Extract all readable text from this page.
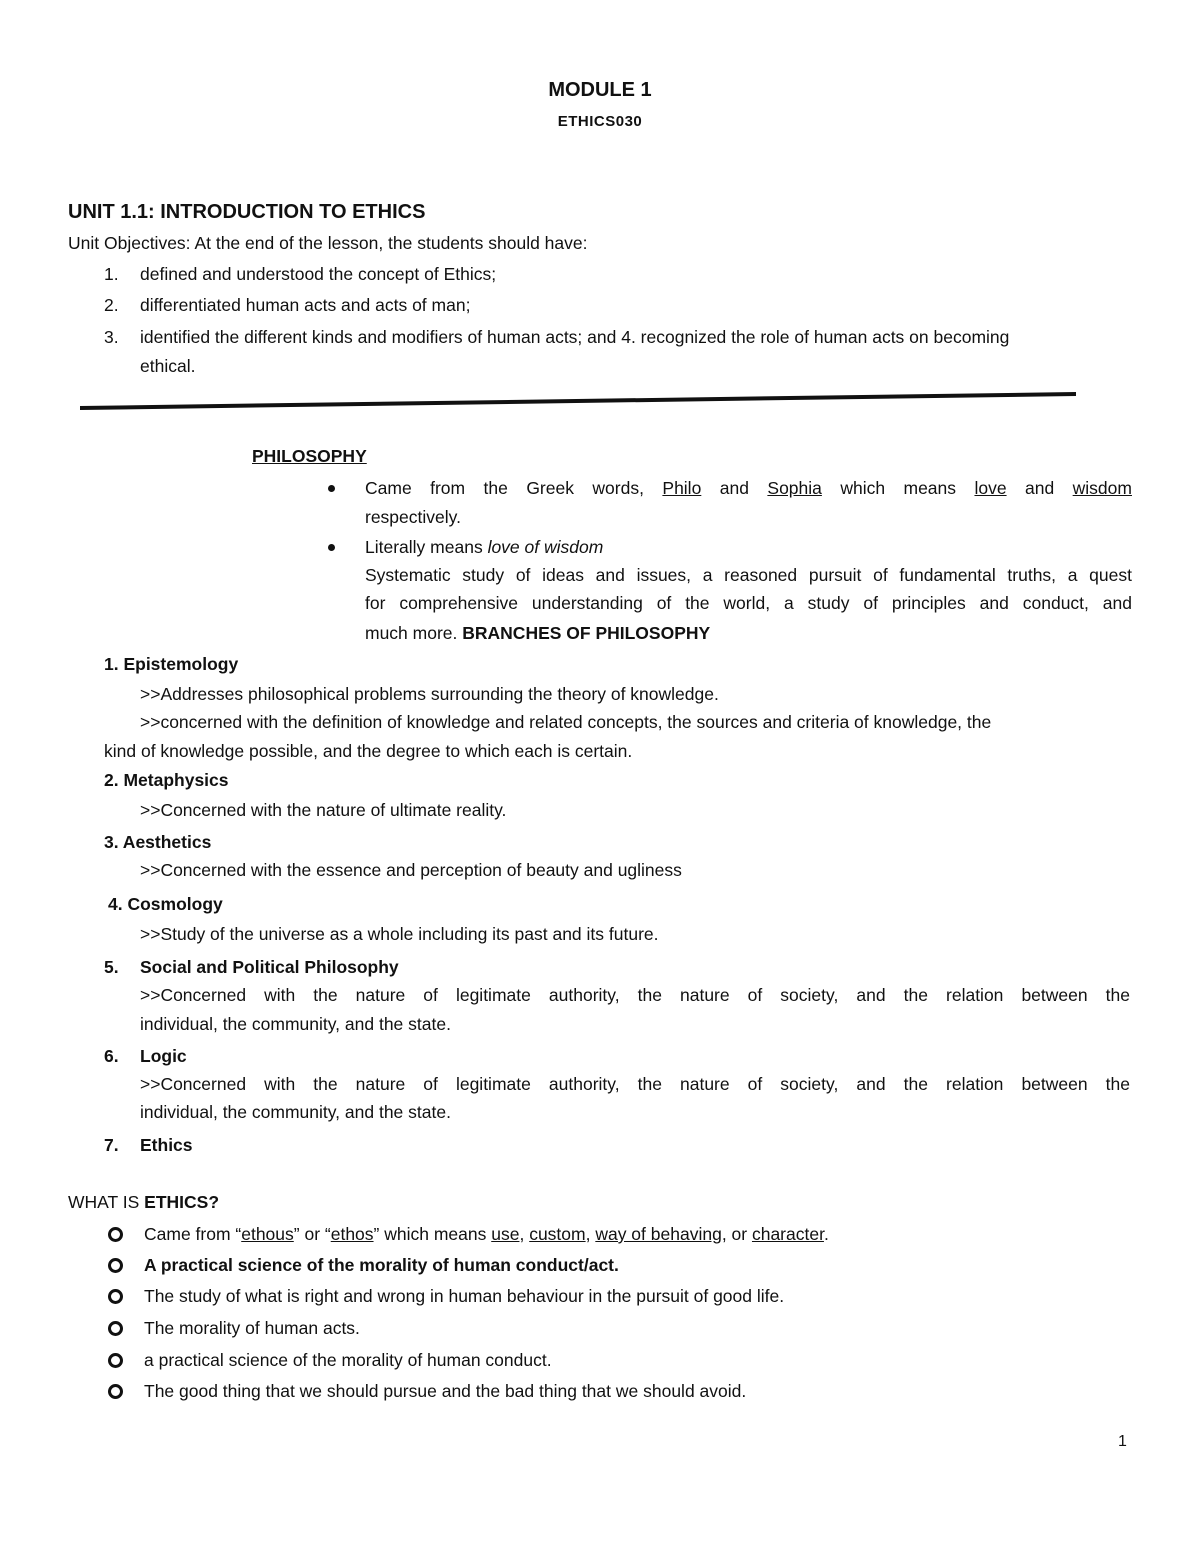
MODULE 1
ETHICS030
UNIT 1.1: INTRODUCTION TO ETHICS
Unit Objectives: At the end of the lesson, the students should have:
1.	defined and understood the concept of Ethics;
2.	differentiated human acts and acts of man;
3.	identified the different kinds and modifiers of human acts; and 4. recognized the role of human acts on becoming
ethical.
PHILOSOPHY
Came from the Greek words, Philo and Sophia which means love and wisdom
respectively.
Literally means love of wisdom
Systematic study of ideas and issues, a reasoned pursuit of fundamental truths, a quest
for comprehensive understanding of the world, a study of principles and conduct, and
much more. BRANCHES OF PHILOSOPHY
1. Epistemology
>>Addresses philosophical problems surrounding the theory of knowledge.
>>concerned with the definition of knowledge and related concepts, the sources and criteria of knowledge, the
kind of knowledge possible, and the degree to which each is certain.
2. Metaphysics
>>Concerned with the nature of ultimate reality.
3. Aesthetics
>>Concerned with the essence and perception of beauty and ugliness
4. Cosmology
>>Study of the universe as a whole including its past and its future.
5. Social and Political Philosophy
>>Concerned with the nature of legitimate authority, the nature of society, and the relation between the
individual, the community, and the state.
6. Logic
>>Concerned with the nature of legitimate authority, the nature of society, and the relation between the
individual, the community, and the state.
7. Ethics
WHAT IS ETHICS?
Came from “ethous” or “ethos” which means use, custom, way of behaving, or character.
A practical science of the morality of human conduct/act.
The study of what is right and wrong in human behaviour in the pursuit of good life.
The morality of human acts.
a practical science of the morality of human conduct.
The good thing that we should pursue and the bad thing that we should avoid.
1
